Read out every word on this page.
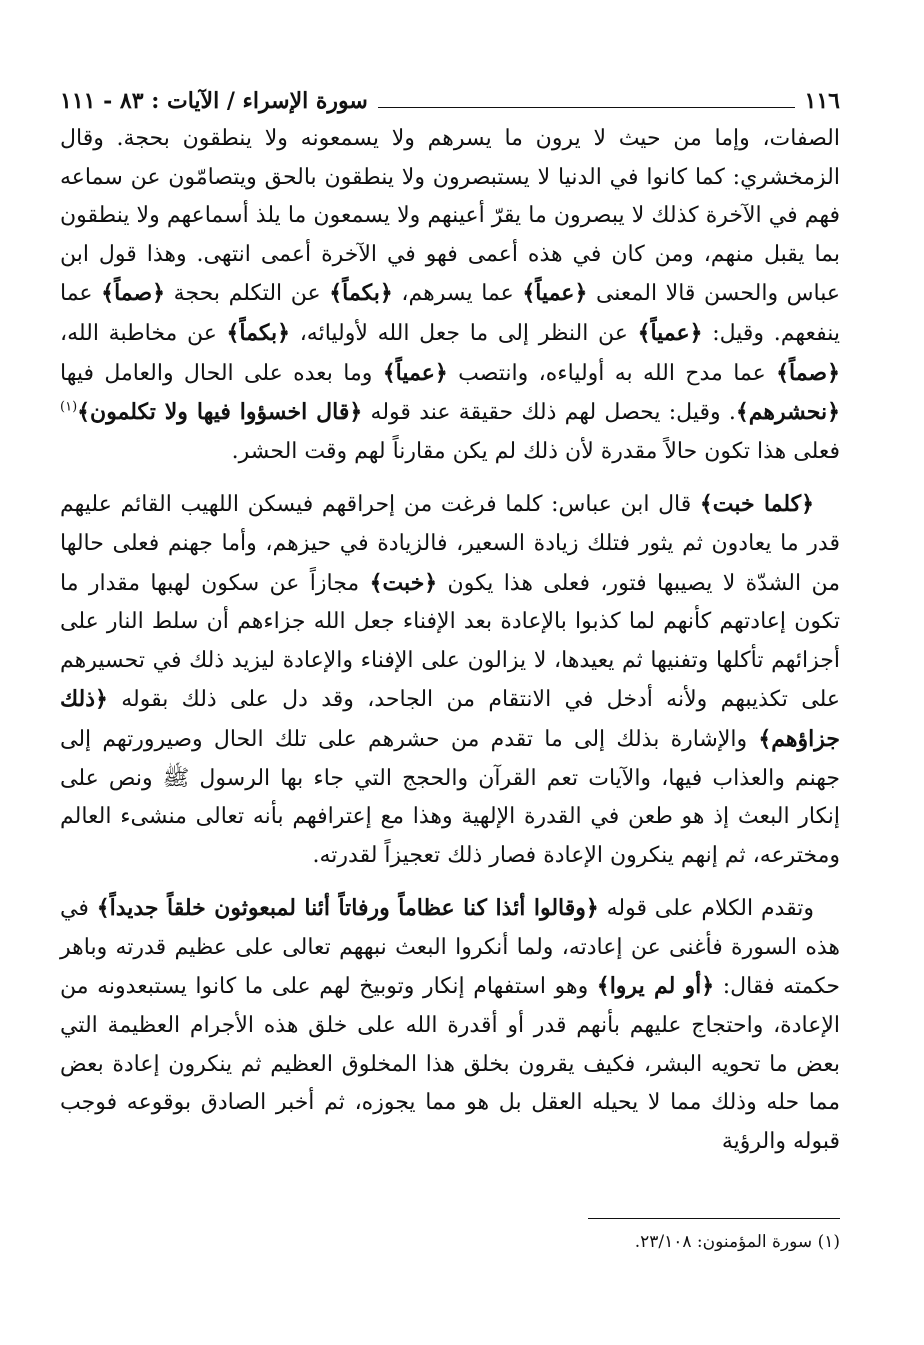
١١٦
سورة الإسراء / الآيات : ٨٣ - ١١١

الصفات، وإما من حيث لا يرون ما يسرهم ولا يسمعونه ولا ينطقون بحجة. وقال الزمخشري: كما كانوا في الدنيا لا يستبصرون ولا ينطقون بالحق ويتصامّون عن سماعه فهم في الآخرة كذلك لا يبصرون ما يقرّ أعينهم ولا يسمعون ما يلذ أسماعهم ولا ينطقون بما يقبل منهم، ومن كان في هذه أعمى فهو في الآخرة أعمى انتهى. وهذا قول ابن عباس والحسن قالا المعنى ﴿عمياً﴾ عما يسرهم، ﴿بكماً﴾ عن التكلم بحجة ﴿صماً﴾ عما ينفعهم. وقيل: ﴿عمياً﴾ عن النظر إلى ما جعل الله لأوليائه، ﴿بكماً﴾ عن مخاطبة الله، ﴿صماً﴾ عما مدح الله به أولياءه، وانتصب ﴿عمياً﴾ وما بعده على الحال والعامل فيها ﴿نحشرهم﴾. وقيل: يحصل لهم ذلك حقيقة عند قوله ﴿قال اخسؤوا فيها ولا تكلمون﴾$^{(١)}$ فعلى هذا تكون حالاً مقدرة لأن ذلك لم يكن مقارناً لهم وقت الحشر.

﴿كلما خبت﴾ قال ابن عباس: كلما فرغت من إحراقهم فيسكن اللهيب القائم عليهم قدر ما يعادون ثم يثور فتلك زيادة السعير، فالزيادة في حيزهم، وأما جهنم فعلى حالها من الشدّة لا يصيبها فتور، فعلى هذا يكون ﴿خبت﴾ مجازاً عن سكون لهبها مقدار ما تكون إعادتهم كأنهم لما كذبوا بالإعادة بعد الإفناء جعل الله جزاءهم أن سلط النار على أجزائهم تأكلها وتفنيها ثم يعيدها، لا يزالون على الإفناء والإعادة ليزيد ذلك في تحسيرهم على تكذيبهم ولأنه أدخل في الانتقام من الجاحد، وقد دل على ذلك بقوله ﴿ذلك جزاؤهم﴾ والإشارة بذلك إلى ما تقدم من حشرهم على تلك الحال وصيرورتهم إلى جهنم والعذاب فيها، والآيات تعم القرآن والحجج التي جاء بها الرسول ﷺ ونص على إنكار البعث إذ هو طعن في القدرة الإلهية وهذا مع إعترافهم بأنه تعالى منشىء العالم ومخترعه، ثم إنهم ينكرون الإعادة فصار ذلك تعجيزاً لقدرته.

وتقدم الكلام على قوله ﴿وقالوا أئذا كنا عظاماً ورفاتاً أئنا لمبعوثون خلقاً جديداً﴾ في هذه السورة فأغنى عن إعادته، ولما أنكروا البعث نبههم تعالى على عظيم قدرته وباهر حكمته فقال: ﴿أو لم يروا﴾ وهو استفهام إنكار وتوبيخ لهم على ما كانوا يستبعدونه من الإعادة، واحتجاج عليهم بأنهم قدر أو أقدرة الله على خلق هذه الأجرام العظيمة التي بعض ما تحويه البشر، فكيف يقرون بخلق هذا المخلوق العظيم ثم ينكرون إعادة بعض مما حله وذلك مما لا يحيله العقل بل هو مما يجوزه، ثم أخبر الصادق بوقوعه فوجب قبوله والرؤية

(١) سورة المؤمنون: ٢٣/١٠٨.
